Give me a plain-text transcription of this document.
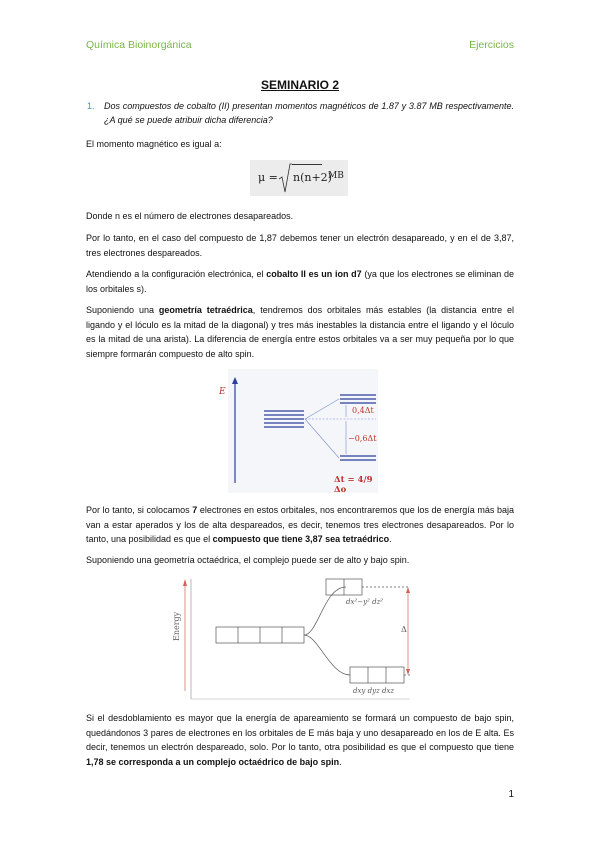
Química Bioinorgánica	Ejercicios
SEMINARIO 2
1. Dos compuestos de cobalto (II) presentan momentos magnéticos de 1.87 y 3.87 MB respectivamente. ¿A qué se puede atribuir dicha diferencia?
El momento magnético es igual a:
μ = n(n+2)
MB
Donde n es el número de electrones desapareados.
Por lo tanto, en el caso del compuesto de 1,87 debemos tener un electrón desapareado, y en el de 3,87, tres electrones despareados.
Atendiendo a la configuración electrónica, el cobalto II es un ion d7 (ya que los electrones se eliminan de los orbitales s).
Suponiendo una geometría tetraédrica, tendremos dos orbitales más estables (la distancia entre el ligando y el lóculo es la mitad de la diagonal) y tres más inestables la distancia entre el ligando y el lóculo es la mitad de una arista). La diferencia de energía entre estos orbitales va a ser muy pequeña por lo que siempre formarán compuesto de alto spin.
E
0,4Δt
−0,6Δt
Δt = 4/9 Δo
Por lo tanto, si colocamos 7 electrones en estos orbitales, nos encontraremos que los de energía más baja van a estar aperados y los de alta despareados, es decir, tenemos tres electrones desapareados. Por lo tanto, una posibilidad es que el compuesto que tiene 3,87 sea tetraédrico.
Suponiendo una geometría octaédrica, el complejo puede ser de alto y bajo spin.
Energy
dx²−y² dz²
dxy dyz dxz
Δ
Si el desdoblamiento es mayor que la energía de apareamiento se formará un compuesto de bajo spin, quedándonos 3 pares de electrones en los orbitales de E más baja y uno desapareado en los de E alta. Es decir, tenemos un electrón despareado, solo. Por lo tanto, otra posibilidad es que el compuesto que tiene 1,78 se corresponda a un complejo octaédrico de bajo spin.
1
